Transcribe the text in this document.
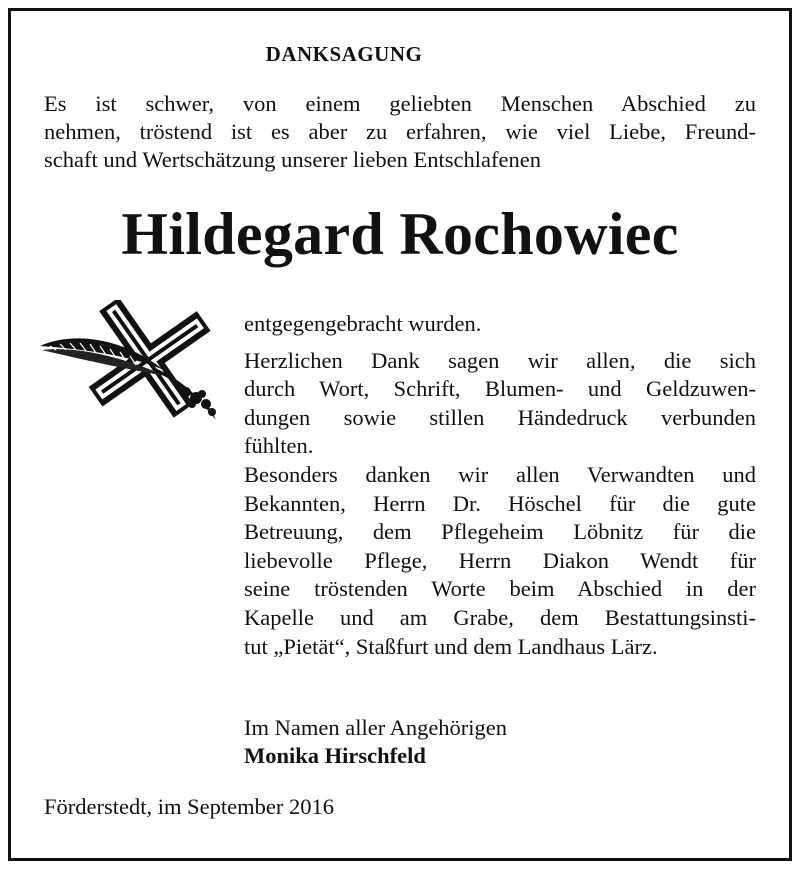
DANKSAGUNG
Es ist schwer, von einem geliebten Menschen Abschied zu
nehmen, tröstend ist es aber zu erfahren, wie viel Liebe, Freund-
schaft und Wertschätzung unserer lieben Entschlafenen
Hildegard Rochowiec
entgegengebracht wurden.
Herzlichen Dank sagen wir allen, die sich
durch Wort, Schrift, Blumen- und Geldzuwen-
dungen sowie stillen Händedruck verbunden
fühlten.
Besonders danken wir allen Verwandten und
Bekannten, Herrn Dr. Höschel für die gute
Betreuung, dem Pflegeheim Löbnitz für die
liebevolle Pflege, Herrn Diakon Wendt für
seine tröstenden Worte beim Abschied in der
Kapelle und am Grabe, dem Bestattungsinsti-
tut „Pietät“, Staßfurt und dem Landhaus Lärz.
Im Namen aller Angehörigen
Monika Hirschfeld
Förderstedt, im September 2016
